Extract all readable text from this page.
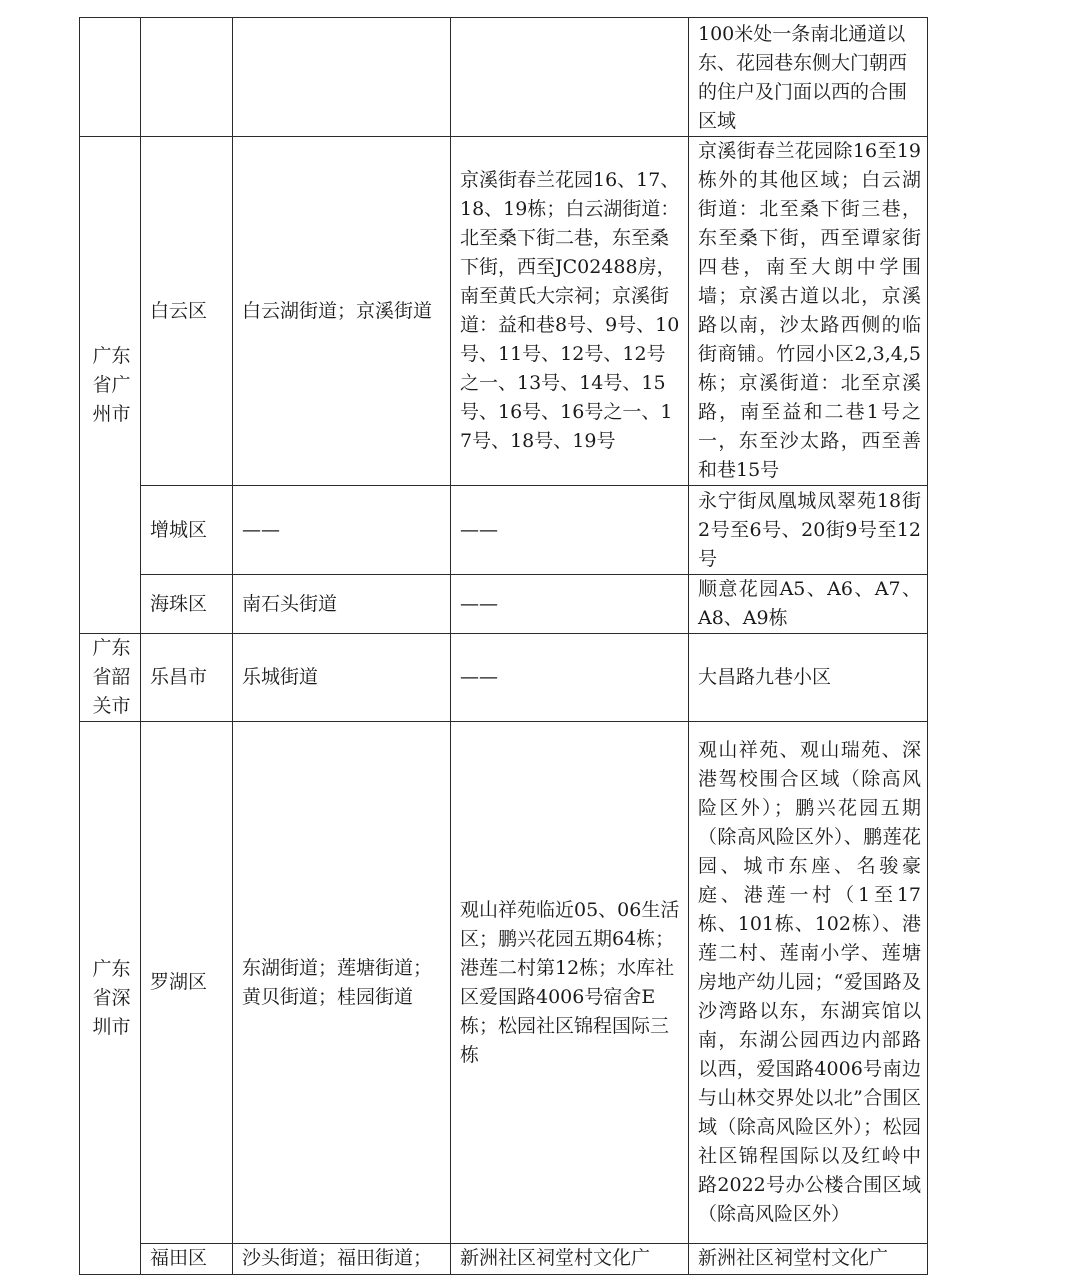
				100米处一条南北通道以东、花园巷东侧大门朝西的住户及门面以西的合围区域

广东省广州市	白云区	白云湖街道；京溪街道	京溪街春兰花园16、17、18、19栋；白云湖街道：北至桑下街二巷，东至桑下街，西至JC02488房，南至黄氏大宗祠；京溪街道：益和巷8号、9号、10号、11号、12号、12号之一、13号、14号、15号、16号、16号之一、17号、18号、19号	京溪街春兰花园除16至19栋外的其他区域；白云湖街道：北至桑下街三巷，东至桑下街，西至谭家街四巷，南至大朗中学围墙；京溪古道以北，京溪路以南，沙太路西侧的临街商铺。竹园小区2,3,4,5栋；京溪街道：北至京溪路，南至益和二巷1号之一，东至沙太路，西至善和巷15号

	增城区	——	——	永宁街凤凰城凤翠苑18街2号至6号、20街9号至12号

	海珠区	南石头街道	——	顺意花园A5、A6、A7、A8、A9栋

广东省韶关市	乐昌市	乐城街道	——	大昌路九巷小区

广东省深圳市	罗湖区	东湖街道；莲塘街道；黄贝街道；桂园街道	观山祥苑临近05、06生活区；鹏兴花园五期64栋；港莲二村第12栋；水库社区爱国路4006号宿舍E栋；松园社区锦程国际三栋	观山祥苑、观山瑞苑、深港驾校围合区域（除高风险区外）；鹏兴花园五期（除高风险区外）、鹏莲花园、城市东座、名骏豪庭、港莲一村（1至17栋、101栋、102栋）、港莲二村、莲南小学、莲塘房地产幼儿园；“爱国路及沙湾路以东，东湖宾馆以南，东湖公园西边内部路以西，爱国路4006号南边与山林交界处以北”合围区域（除高风险区外）；松园社区锦程国际以及红岭中路2022号办公楼合围区域（除高风险区外）

	福田区	沙头街道；福田街道；	新洲社区祠堂村文化广	新洲社区祠堂村文化广
